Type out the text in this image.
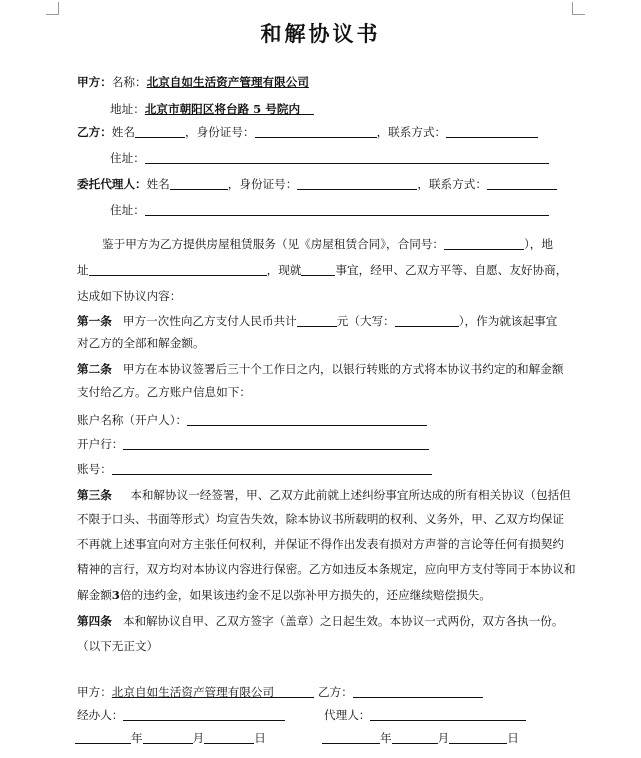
和解协议书
甲方：名称：北京自如生活资产管理有限公司
地址：北京市朝阳区将台路 5 号院内
乙方：姓名	，身份证号：	，联系方式：
住址：
委托代理人：姓名	，身份证号：	，联系方式：
住址：
鉴于甲方为乙方提供房屋租赁服务（见《房屋租赁合同》，合同号：	），地
址	，现就	事宜，经甲、乙双方平等、自愿、友好协商，
达成如下协议内容：
第一条 甲方一次性向乙方支付人民币共计	元（大写：	），作为就该起事宜
对乙方的全部和解金额。
第二条 甲方在本协议签署后三十个工作日之内，以银行转账的方式将本协议书约定的和解金额
支付给乙方。乙方账户信息如下：
账户名称（开户人）：
开户行：
账号：
第三条 本和解协议一经签署，甲、乙双方此前就上述纠纷事宜所达成的所有相关协议（包括但
不限于口头、书面等形式）均宣告失效，除本协议书所载明的权利、义务外，甲、乙双方均保证
不再就上述事宜向对方主张任何权利，并保证不得作出发表有损对方声誉的言论等任何有损契约
精神的言行，双方均对本协议内容进行保密。乙方如违反本条规定，应向甲方支付等同于本协议和
解金额3倍的违约金，如果该违约金不足以弥补甲方损失的，还应继续赔偿损失。
第四条 本和解协议自甲、乙双方签字（盖章）之日起生效。本协议一式两份，双方各执一份。
（以下无正文）
甲方：北京自如生活资产管理有限公司	乙方：
经办人：	代理人：
年	月	日	年	月	日
